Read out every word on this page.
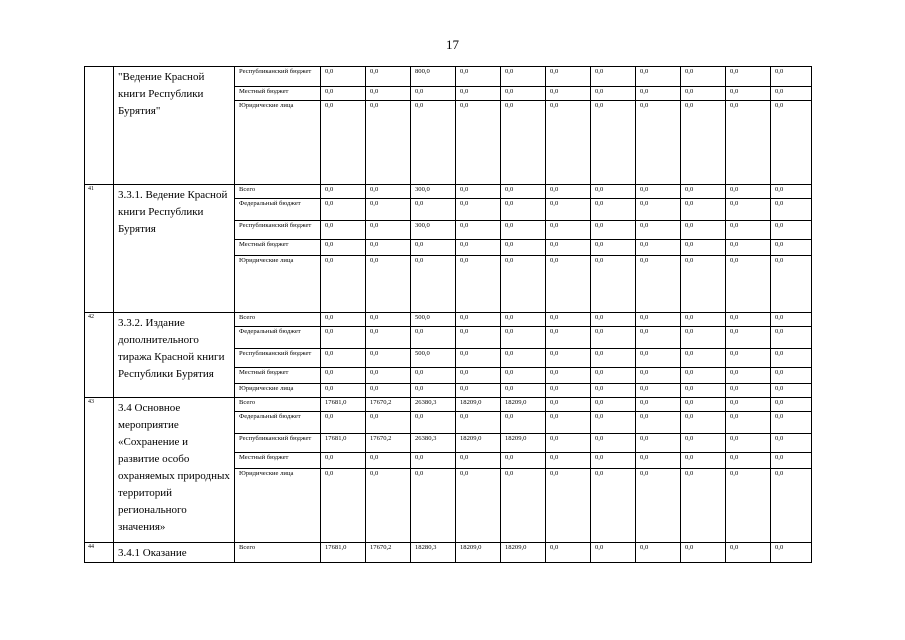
17
	"Ведение Красной книги Республики Бурятия"	Республиканский бюджет	0,0	0,0	800,0	0,0	0,0	0,0	0,0	0,0	0,0	0,0	0,0
		Местный бюджет	0,0	0,0	0,0	0,0	0,0	0,0	0,0	0,0	0,0	0,0	0,0
		Юридические лица	0,0	0,0	0,0	0,0	0,0	0,0	0,0	0,0	0,0	0,0	0,0
41	3.3.1. Ведение Красной книги Республики Бурятия	Всего	0,0	0,0	300,0	0,0	0,0	0,0	0,0	0,0	0,0	0,0	0,0
		Федеральный бюджет	0,0	0,0	0,0	0,0	0,0	0,0	0,0	0,0	0,0	0,0	0,0
		Республиканский бюджет	0,0	0,0	300,0	0,0	0,0	0,0	0,0	0,0	0,0	0,0	0,0
		Местный бюджет	0,0	0,0	0,0	0,0	0,0	0,0	0,0	0,0	0,0	0,0	0,0
		Юридические лица	0,0	0,0	0,0	0,0	0,0	0,0	0,0	0,0	0,0	0,0	0,0
42	3.3.2. Издание дополнительного тиража Красной книги Республики Бурятия	Всего	0,0	0,0	500,0	0,0	0,0	0,0	0,0	0,0	0,0	0,0	0,0
		Федеральный бюджет	0,0	0,0	0,0	0,0	0,0	0,0	0,0	0,0	0,0	0,0	0,0
		Республиканский бюджет	0,0	0,0	500,0	0,0	0,0	0,0	0,0	0,0	0,0	0,0	0,0
		Местный бюджет	0,0	0,0	0,0	0,0	0,0	0,0	0,0	0,0	0,0	0,0	0,0
		Юридические лица	0,0	0,0	0,0	0,0	0,0	0,0	0,0	0,0	0,0	0,0	0,0
43	3.4 Основное мероприятие «Сохранение и развитие особо охраняемых природных территорий регионального значения»	Всего	17681,0	17670,2	26380,3	18209,0	18209,0	0,0	0,0	0,0	0,0	0,0	0,0
		Федеральный бюджет	0,0	0,0	0,0	0,0	0,0	0,0	0,0	0,0	0,0	0,0	0,0
		Республиканский бюджет	17681,0	17670,2	26380,3	18209,0	18209,0	0,0	0,0	0,0	0,0	0,0	0,0
		Местный бюджет	0,0	0,0	0,0	0,0	0,0	0,0	0,0	0,0	0,0	0,0	0,0
		Юридические лица	0,0	0,0	0,0	0,0	0,0	0,0	0,0	0,0	0,0	0,0	0,0
44	3.4.1 Оказание	Всего	17681,0	17670,2	18280,3	18209,0	18209,0	0,0	0,0	0,0	0,0	0,0	0,0
